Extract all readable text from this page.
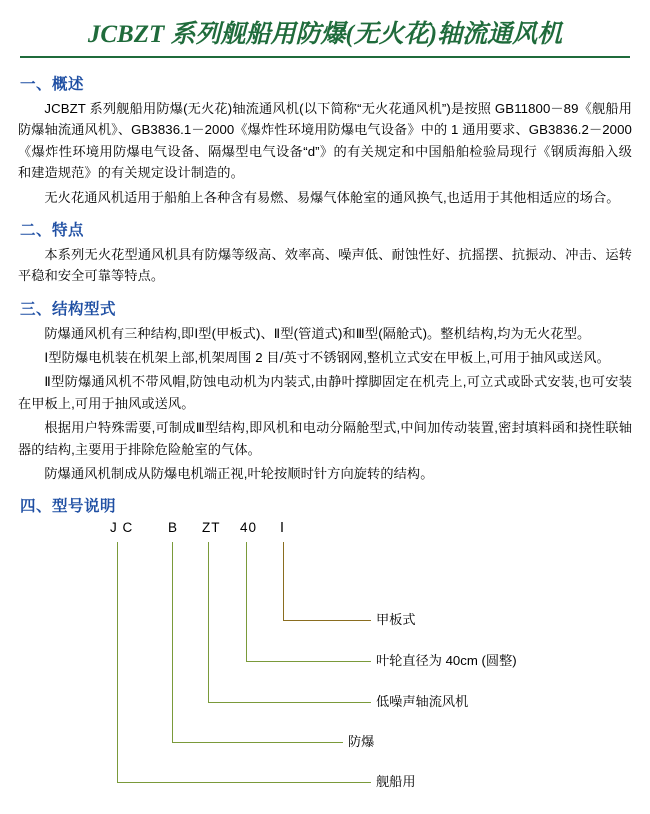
JCBZT 系列舰船用防爆(无火花)轴流通风机
一、概述

JCBZT 系列舰船用防爆(无火花)轴流通风机(以下简称“无火花通风机”)是按照 GB11800－89《舰船用防爆轴流通风机》、GB3836.1－2000《爆炸性环境用防爆电气设备》中的 1 通用要求、GB3836.2－2000《爆炸性环境用防爆电气设备、隔爆型电气设备“d”》的有关规定和中国船舶检验局现行《钢质海船入级和建造规范》的有关规定设计制造的。

无火花通风机适用于船舶上各种含有易燃、易爆气体舱室的通风换气,也适用于其他相适应的场合。

二、特点

本系列无火花型通风机具有防爆等级高、效率高、噪声低、耐蚀性好、抗摇摆、抗振动、冲击、运转平稳和安全可靠等特点。

三、结构型式

防爆通风机有三种结构,即Ⅰ型(甲板式)、Ⅱ型(管道式)和Ⅲ型(隔舱式)。整机结构,均为无火花型。

Ⅰ型防爆电机装在机架上部,机架周围 2 目/英寸不锈钢网,整机立式安在甲板上,可用于抽风或送风。

Ⅱ型防爆通风机不带风帽,防蚀电动机为内装式,由静叶撑脚固定在机壳上,可立式或卧式安装,也可安装在甲板上,可用于抽风或送风。

根据用户特殊需要,可制成Ⅲ型结构,即风机和电动分隔舱型式,中间加传动装置,密封填料函和挠性联轴器的结构,主要用于排除危险舱室的气体。

防爆通风机制成从防爆电机端正视,叶轮按顺时针方向旋转的结构。

四、型号说明
J C	B ZT 40 Ⅰ
甲板式
叶轮直径为 40cm (圆整)
低噪声轴流风机
防爆
舰船用
